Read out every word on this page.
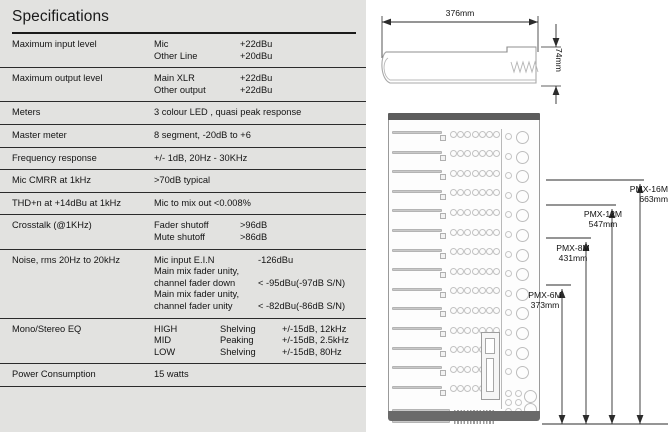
Specifications
Maximum input level	Mic +22dBu
Other Line +20dBu

Maximum output level	Main XLR +22dBu
Other output +22dBu

Meters	3 colour LED , quasi peak response

Master meter	8 segment, -20dB to +6

Frequency response	+/- 1dB, 20Hz - 30KHz

Mic CMRR at 1kHz	>70dB typical

THD+n at +14dBu at 1kHz	Mic to mix out <0.008%

Crosstalk (@1KHz)	Fader shutoff >96dB
Mute shutoff >86dB

Noise, rms 20Hz to 20kHz	Mic input E.I.N	-126dBu
Main mix fader unity,
channel fader down	< -95dBu(-97dB S/N)
Main mix fader unity,
channel fader unity	< -82dBu(-86dB S/N)

Mono/Stereo EQ	HIGH	Shelving	+/-15dB, 12kHz
MID	Peaking	+/-15dB, 2.5kHz
LOW	Shelving	+/-15dB, 80Hz

Power Consumption	15 watts
376mm
74mm
PMX-6M
373mm
PMX-8M
431mm
PMX-12M
547mm
PMX-16M
663mm
